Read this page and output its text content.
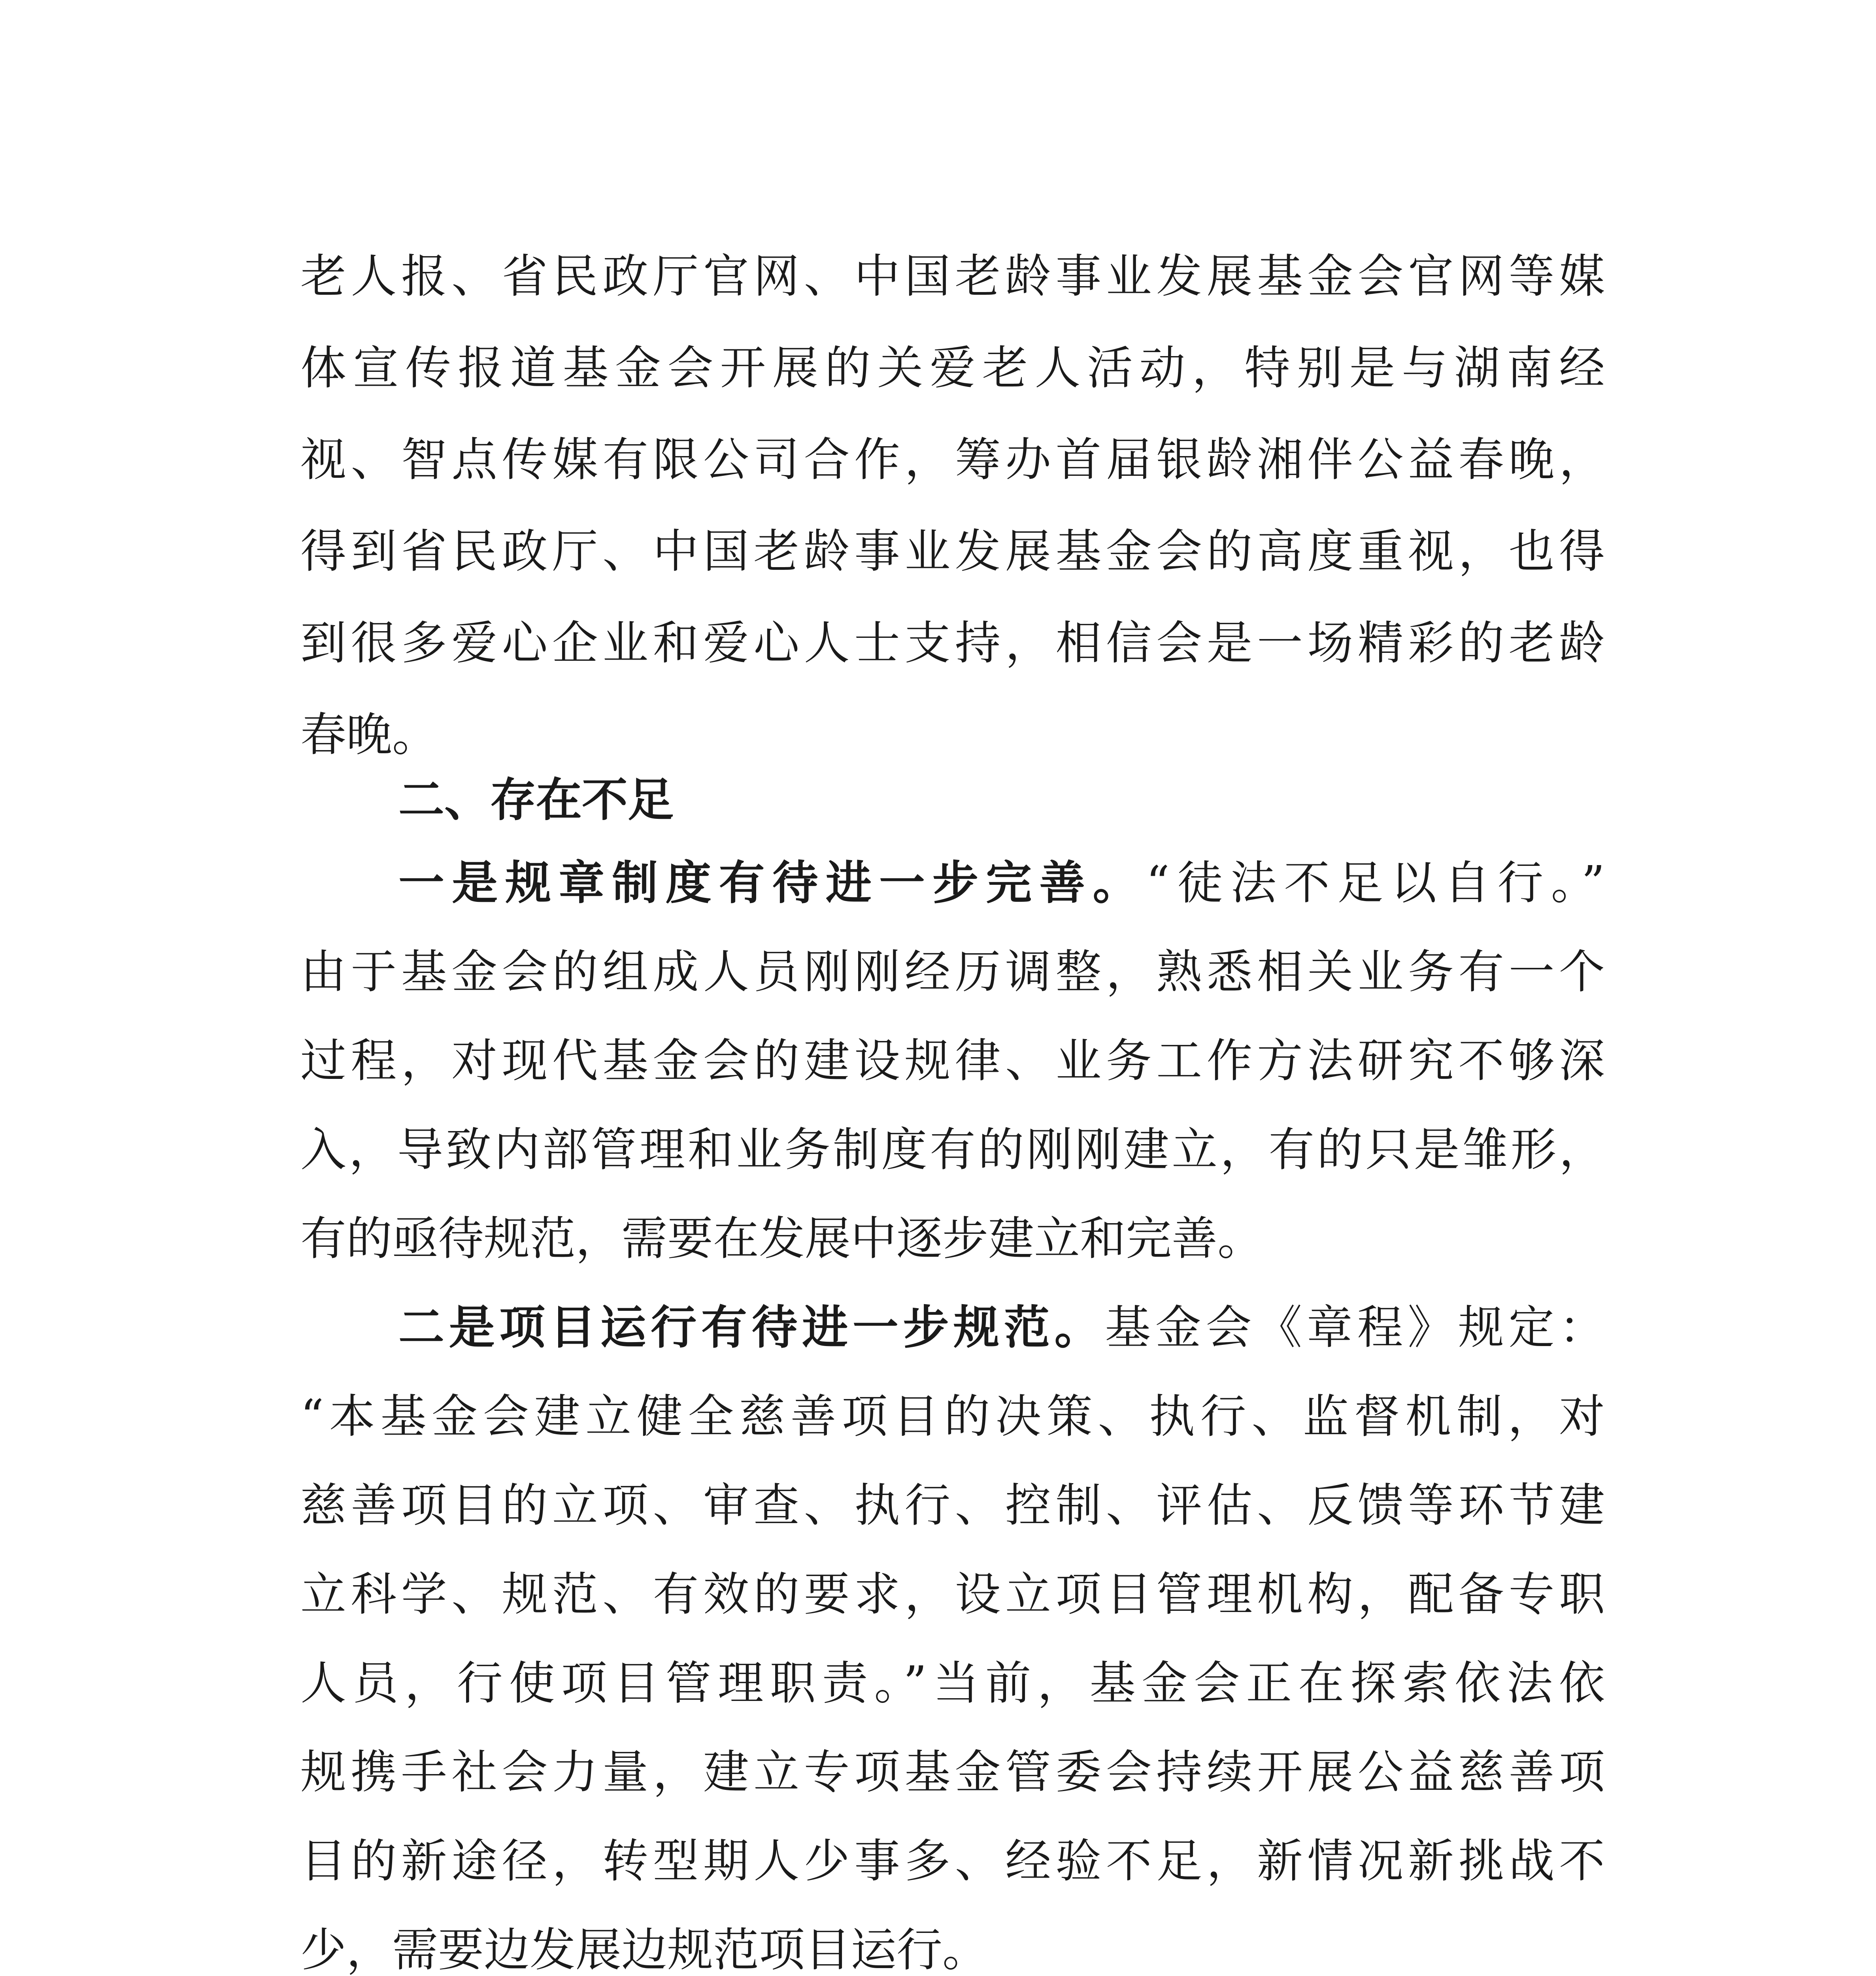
老人报、省民政厅官网、中国老龄事业发展基金会官网等媒
体宣传报道基金会开展的关爱老人活动，特别是与湖南经
视、智点传媒有限公司合作，筹办首届银龄湘伴公益春晚，
得到省民政厅、中国老龄事业发展基金会的高度重视，也得
到很多爱心企业和爱心人士支持，相信会是一场精彩的老龄
春晚。
二、存在不足
一是规章制度有待进一步完善。“徒法不足以自行。”
由于基金会的组成人员刚刚经历调整，熟悉相关业务有一个
过程，对现代基金会的建设规律、业务工作方法研究不够深
入，导致内部管理和业务制度有的刚刚建立，有的只是雏形，
有的亟待规范，需要在发展中逐步建立和完善。
二是项目运行有待进一步规范。基金会《章程》规定：
“本基金会建立健全慈善项目的决策、执行、监督机制，对
慈善项目的立项、审查、执行、控制、评估、反馈等环节建
立科学、规范、有效的要求，设立项目管理机构，配备专职
人员，行使项目管理职责。”当前，基金会正在探索依法依
规携手社会力量，建立专项基金管委会持续开展公益慈善项
目的新途径，转型期人少事多、经验不足，新情况新挑战不
少，需要边发展边规范项目运行。
